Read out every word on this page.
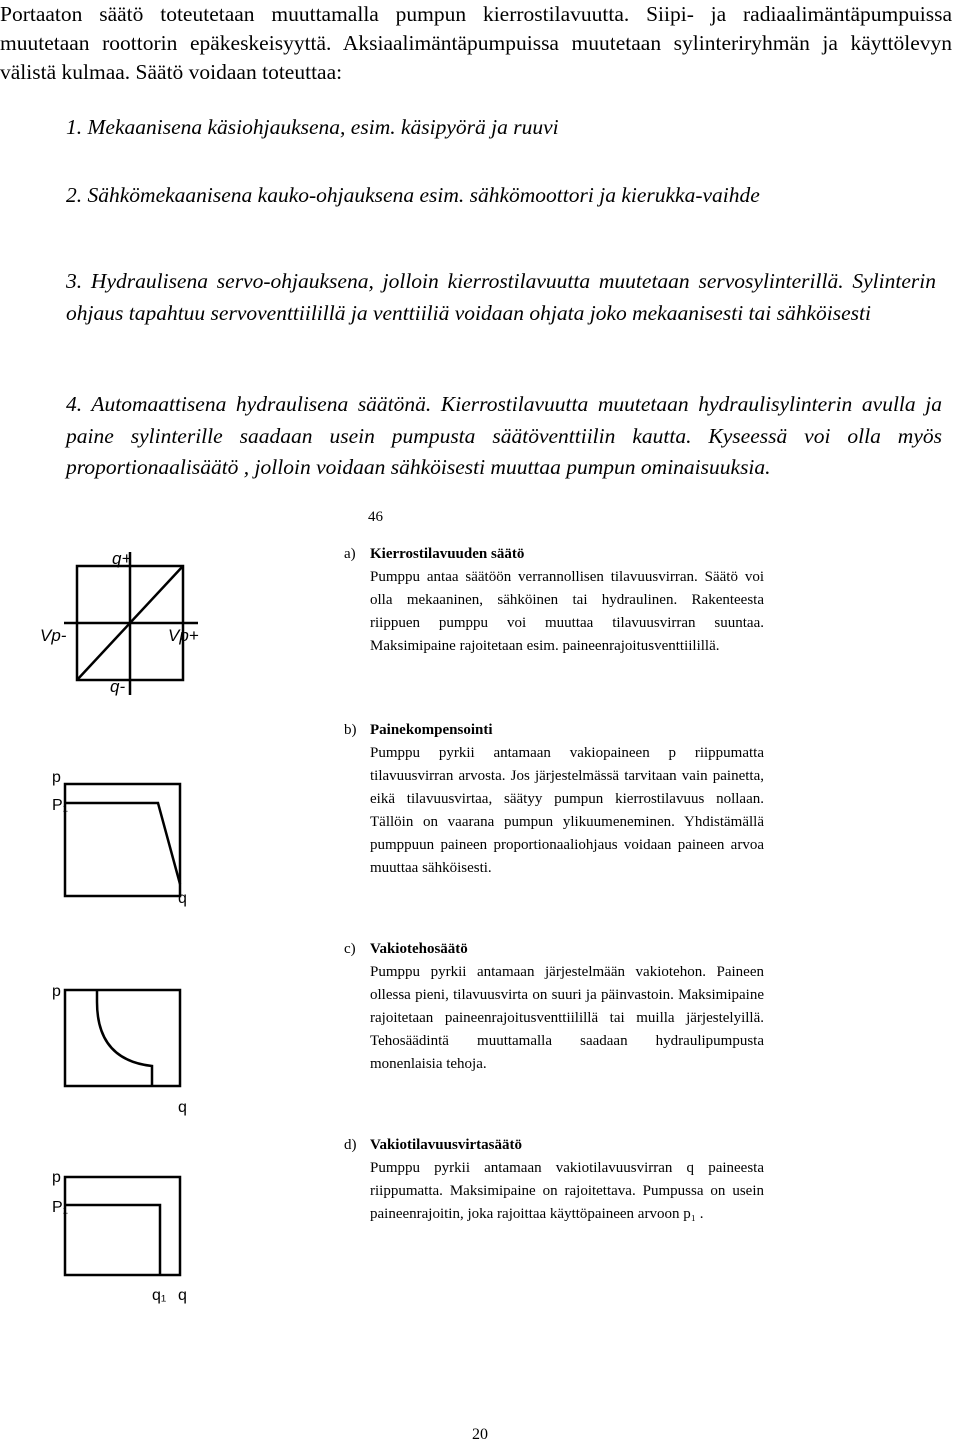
Portaaton säätö toteutetaan muuttamalla pumpun kierrostilavuutta. Siipi- ja radiaalimäntäpumpuissa muutetaan roottorin epäkeskeisyyttä. Aksiaalimäntäpumpuissa muutetaan sylinteriryhmän ja käyttölevyn välistä kulmaa. Säätö voidaan toteuttaa:

1. Mekaanisena käsiohjauksena, esim. käsipyörä ja ruuvi

2. Sähkömekaanisena kauko-ohjauksena esim. sähkömoottori ja kierukka-vaihde

3. Hydraulisena servo-ohjauksena, jolloin kierrostilavuutta muutetaan servosylinterillä. Sylinterin ohjaus tapahtuu servoventtiilillä ja venttiiliä voidaan ohjata joko mekaanisesti tai sähköisesti

4. Automaattisena hydraulisena säätönä. Kierrostilavuutta muutetaan hydraulisylinterin avulla ja paine sylinterille saadaan usein pumpusta säätöventtiilin kautta. Kyseessä voi olla myös proportionaalisäätö , jolloin voidaan sähköisesti muuttaa pumpun ominaisuuksia.

46
a) Kierrostilavuuden säätö
Pumppu antaa säätöön verrannollisen tilavuusvirran. Säätö voi olla mekaaninen, sähköinen tai hydraulinen. Rakenteesta riippuen pumppu voi muuttaa tilavuusvirran suuntaa. Maksimipaine rajoitetaan esim. paineenrajoitusventtiilillä.
b) Painekompensointi
Pumppu pyrkii antamaan vakiopaineen p riippumatta tilavuusvirran arvosta. Jos järjestelmässä tarvitaan vain painetta, eikä tilavuusvirtaa, säätyy pumpun kierrostilavuus nollaan. Tällöin on vaarana pumpun ylikuumeneminen. Yhdistämällä pumppuun paineen proportionaaliohjaus voidaan paineen arvoa muuttaa sähköisesti.
c) Vakiotehosäätö
Pumppu pyrkii antamaan järjestelmään vakiotehon. Paineen ollessa pieni, tilavuusvirta on suuri ja päinvastoin. Maksimipaine rajoitetaan paineenrajoitusventtiilillä tai muilla järjestelyillä. Tehosäädintä muuttamalla saadaan hydraulipumpusta monenlaisia tehoja.
d) Vakiotilavuusvirtasäätö
Pumppu pyrkii antamaan vakiotilavuusvirran q paineesta riippumatta. Maksimipaine on rajoitettava. Pumpussa on usein paineenrajoitin, joka rajoittaa käyttöpaineen arvoon p₁ .
q+
q-
Vp-	Vp+
p
P₁
q
p
q
p
P₁
q₁ q
20
